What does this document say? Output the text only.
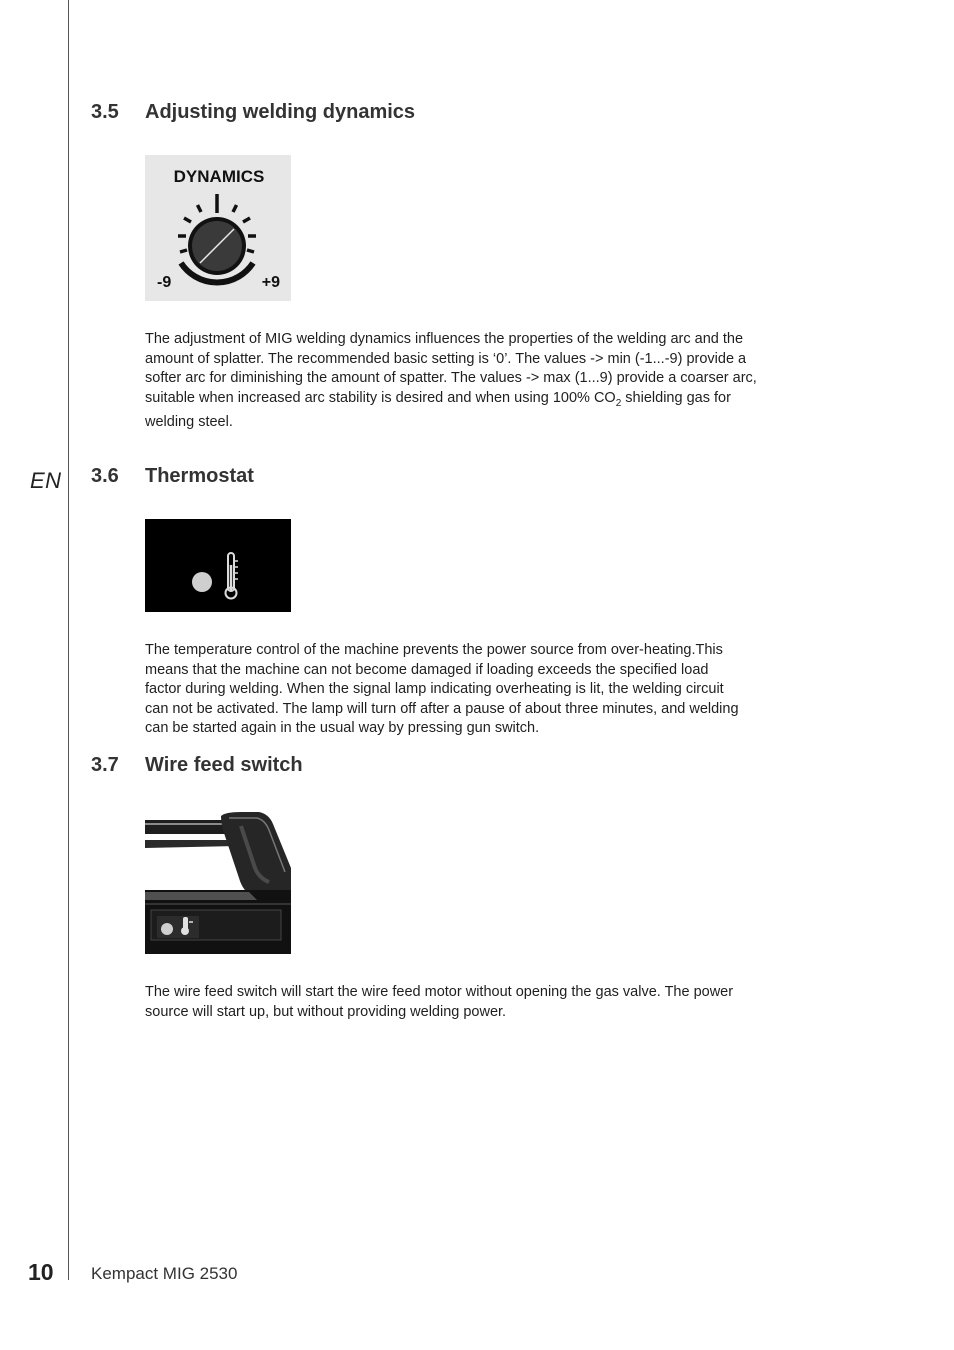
EN
3.5 Adjusting welding dynamics
DYNAMICS
-9	+9
The adjustment of MIG welding dynamics influences the properties of the welding arc and the
amount of splatter. The recommended basic setting is ‘0’. The values -> min (-1...-9) provide a
softer arc for diminishing the amount of spatter. The values -> max (1...9) provide a coarser arc,
suitable when increased arc stability is desired and when using 100% $CO_2$ shielding gas for
welding steel.
3.6 Thermostat
The temperature control of the machine prevents the power source from over-heating.This
means that the machine can not become damaged if loading exceeds the specified load
factor during welding. When the signal lamp indicating overheating is lit, the welding circuit
can not be activated. The lamp will turn off after a pause of about three minutes, and welding
can be started again in the usual way by pressing gun switch.
3.7 Wire feed switch
The wire feed switch will start the wire feed motor without opening the gas valve. The power
source will start up, but without providing welding power.
10 Kempact MIG 2530
